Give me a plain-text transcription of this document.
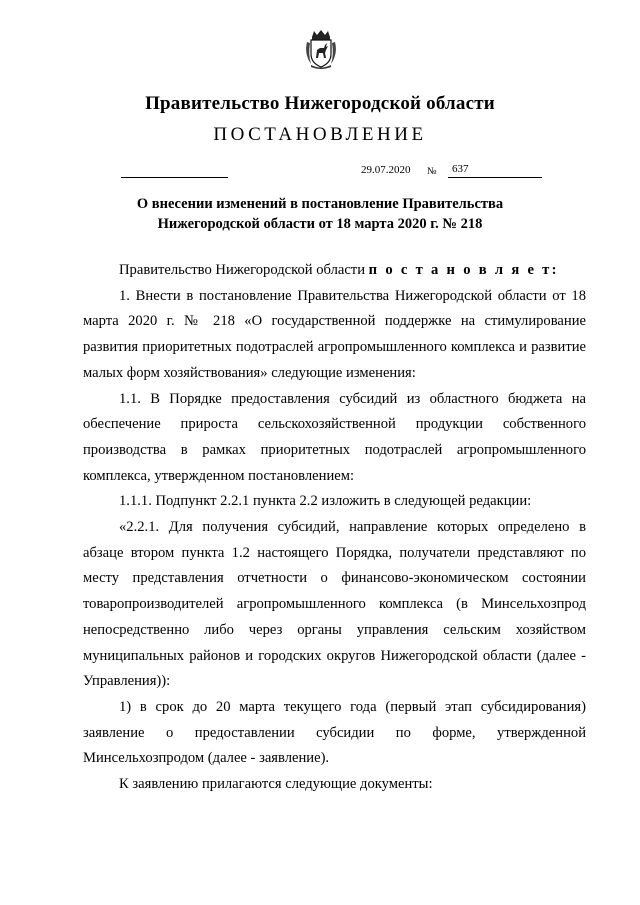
Правительство Нижегородской области
ПОСТАНОВЛЕНИЕ
29.07.2020 № 637
О внесении изменений в постановление Правительства
Нижегородской области от 18 марта 2020 г. № 218

Правительство Нижегородской области п о с т а н о в л я е т:

1. Внести в постановление Правительства Нижегородской области от 18 марта 2020 г. № 218 «О государственной поддержке на стимулирование развития приоритетных подотраслей агропромышленного комплекса и развитие малых форм хозяйствования» следующие изменения:

1.1. В Порядке предоставления субсидий из областного бюджета на обеспечение прироста сельскохозяйственной продукции собственного производства в рамках приоритетных подотраслей агропромышленного комплекса, утвержденном постановлением:

1.1.1. Подпункт 2.2.1 пункта 2.2 изложить в следующей редакции:

«2.2.1. Для получения субсидий, направление которых определено в абзаце втором пункта 1.2 настоящего Порядка, получатели представляют по месту представления отчетности о финансово-экономическом состоянии товаропроизводителей агропромышленного комплекса (в Минсельхозпрод непосредственно либо через органы управления сельским хозяйством муниципальных районов и городских округов Нижегородской области (далее - Управления)):

1) в срок до 20 марта текущего года (первый этап субсидирования) заявление о предоставлении субсидии по форме, утвержденной Минсельхозпродом (далее - заявление).

К заявлению прилагаются следующие документы:
